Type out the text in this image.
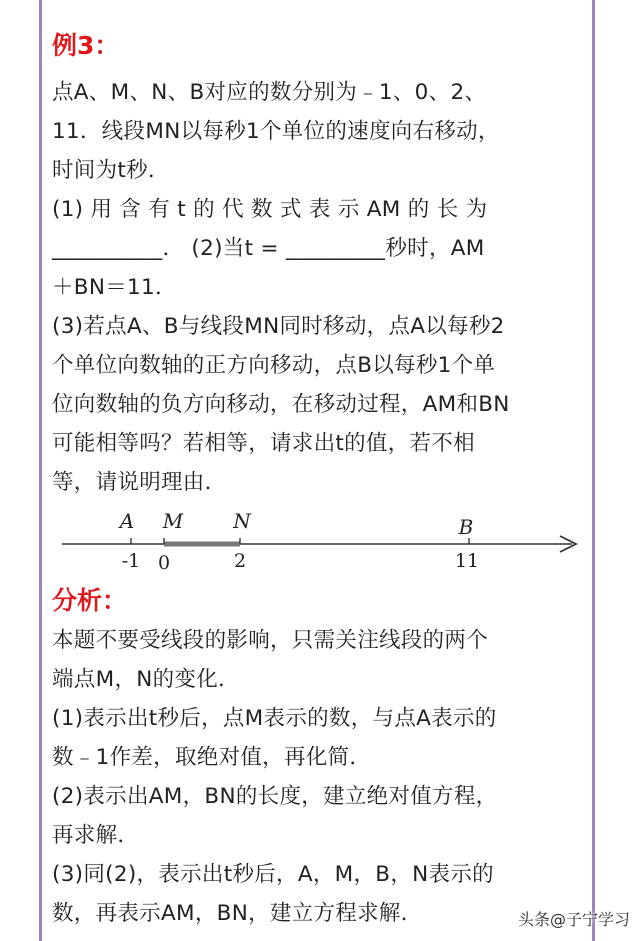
例3：
点A、M、N、B对应的数分别为﹣1、0、2、
11．线段MN以每秒1个单位的速度向右移动，
时间为t秒．
(1) 用 含 有 t 的 代 数 式 表 示 AM 的 长 为
__________． (2)当t = _________秒时，AM
＋BN＝11．
(3)若点A、B与线段MN同时移动，点A以每秒2
个单位向数轴的正方向移动，点B以每秒1个单
位向数轴的负方向移动，在移动过程，AM和BN
可能相等吗？若相等，请求出t的值，若不相
等，请说明理由．
分析：
本题不要受线段的影响，只需关注线段的两个
端点M，N的变化．
(1)表示出t秒后，点M表示的数，与点A表示的
数﹣1作差，取绝对值，再化简．
(2)表示出AM，BN的长度，建立绝对值方程，
再求解．
(3)同(2)，表示出t秒后，A，M，B，N表示的
数，再表示AM，BN，建立方程求解．
A M	N	B
-1 0	2	11
头条@子宁学习
